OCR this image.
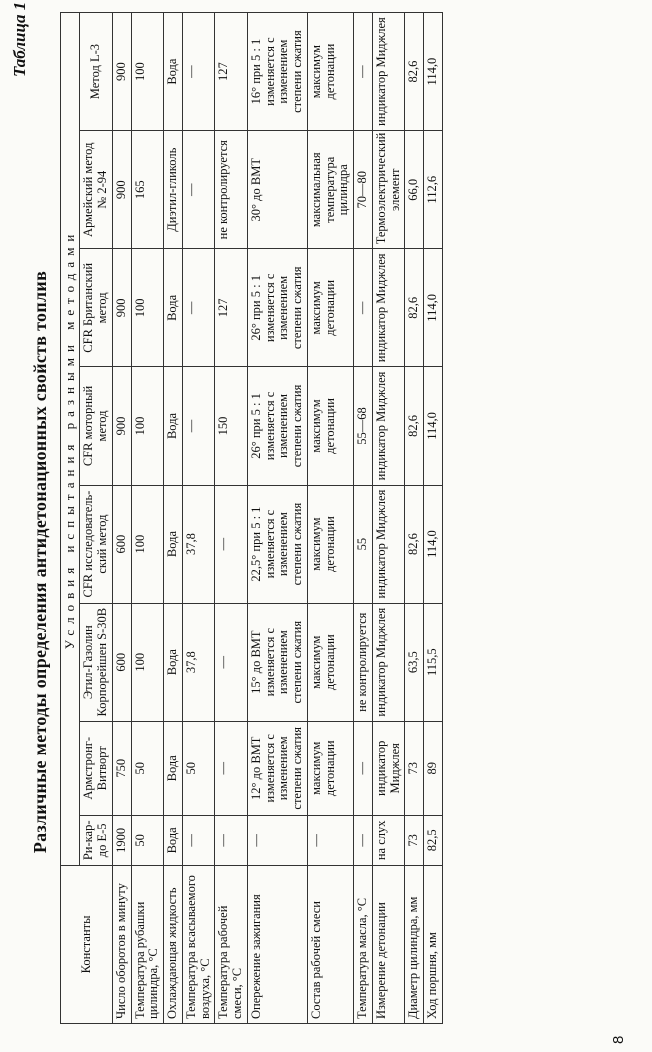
Таблица 1
Различные методы определения антидетонационных свойств топлив
8
Константы	Условия испытания разными методами							
	Ри-кар-до Е-5	Армстронг-Витворт	Этил-Газолин Корпорейшен S-30B	CFR исследователь-ский метод	CFR моторный метод	CFR Британский метод	Армейский метод № 2-94	Метод L-3
Число оборотов в минуту	1900	750	600	600	900	900	900	900
Температура рубашки цилиндра, °С	50	50	100	100	100	100	165	100
Охлаждающая жидкость	Вода	Вода	Вода	Вода	Вода	Вода	Диэтил-гликоль	Вода
Температура всасываемого воздуха, °С	—	50	37,8	37,8	—	—	—	—
Температура рабочей смеси, °С	—	—	—	—	150	127	не контролируется	127
Опережение зажигания	—	12° до ВМТ изменяется с изменением степени сжатия	15° до ВМТ изменяется с изменением степени сжатия	22,5° при 5 : 1 изменяется с изменением степени сжатия	26° при 5 : 1 изменяется с изменением степени сжатия	26° при 5 : 1 изменяется с изменением степени сжатия	30° до ВМТ	16° при 5 : 1 изменяется с изменением степени сжатия
Состав рабочей смеси	—	максимум детонации	максимум детонации	максимум детонации	максимум детонации	максимум детонации	максимальная температура цилиндра	максимум детонации
Температура масла, °С	—	—	не контролируется	55	55—68	—	70—80	—
Измерение детонации	на слух	индикатор Миджлея	индикатор Миджлея	индикатор Миджлея	индикатор Миджлея	индикатор Миджлея	Термоэлектрический элемент	индикатор Миджлея
Диаметр цилиндра, мм	73	73	63,5	82,6	82,6	82,6	66,0	82,6
Ход поршня, мм	82,5	89	115,5	114,0	114,0	114,0	112,6	114,0
